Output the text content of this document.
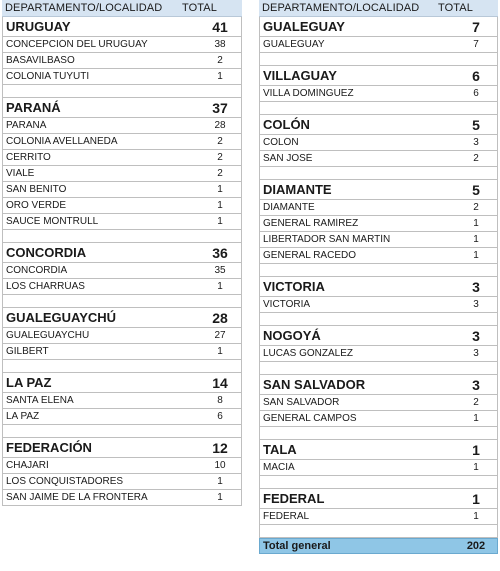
DEPARTAMENTO/LOCALIDAD	TOTAL
URUGUAY	41
CONCEPCIÓN DEL URUGUAY	38
BASAVILBASO	2
COLONIA TUYUTI	1
PARANÁ	37
PARANÁ	28
COLONIA AVELLANEDA	2
CERRITO	2
VIALE	2
SAN BENITO	1
ORO VERDE	1
SAUCE MONTRULL	1
CONCORDIA	36
CONCORDIA	35
LOS CHARRÚAS	1
GUALEGUAYCHÚ	28
GUALEGUAYCHÚ	27
GILBERT	1
LA PAZ	14
SANTA ELENA	8
LA PAZ	6
FEDERACIÓN	12
CHAJARÍ	10
LOS CONQUISTADORES	1
SAN JAIME DE LA FRONTERA	1
DEPARTAMENTO/LOCALIDAD	TOTAL
GUALEGUAY	7
GUALEGUAY	7
VILLAGUAY	6
VILLA DOMÍNGUEZ	6
COLÓN	5
COLÓN	3
SAN JOSÉ	2
DIAMANTE	5
DIAMANTE	2
GENERAL RAMÍREZ	1
LIBERTADOR SAN MARTÍN	1
GENERAL RACEDO	1
VICTORIA	3
VICTORIA	3
NOGOYÁ	3
LUCAS GONZÁLEZ	3
SAN SALVADOR	3
SAN SALVADOR	2
GENERAL CAMPOS	1
TALA	1
MACIÁ	1
FEDERAL	1
FEDERAL	1
Total general	202
